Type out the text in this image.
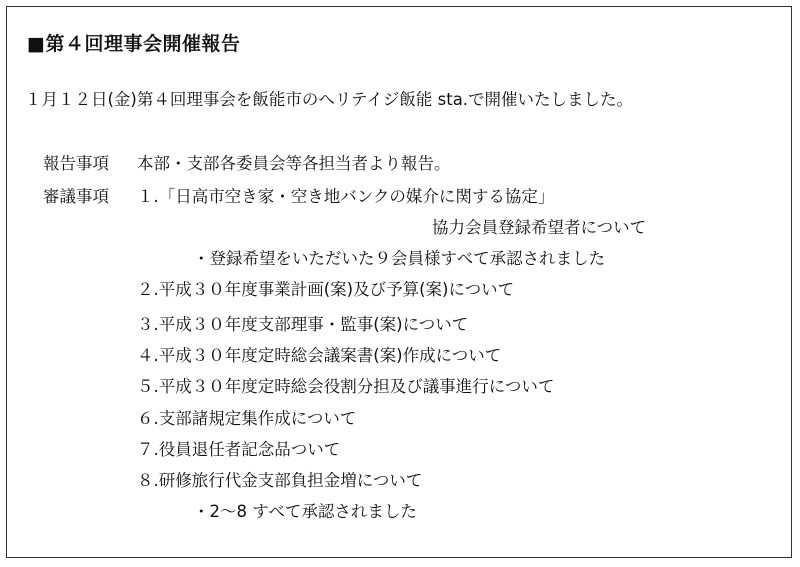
■第４回理事会開催報告
１月１２日(金)第４回理事会を飯能市のへリテイジ飯能 sta.で開催いたしました。
報告事項 本部・支部各委員会等各担当者より報告。
審議事項 １.「日高市空き家・空き地バンクの媒介に関する協定」
協力会員登録希望者について
・登録希望をいただいた９会員様すべて承認されました
２.平成３０年度事業計画(案)及び予算(案)について
３.平成３０年度支部理事・監事(案)について
４.平成３０年度定時総会議案書(案)作成について
５.平成３０年度定時総会役割分担及び議事進行について
６.支部諸規定集作成について
７.役員退任者記念品ついて
８.研修旅行代金支部負担金増について
・2～8 すべて承認されました
